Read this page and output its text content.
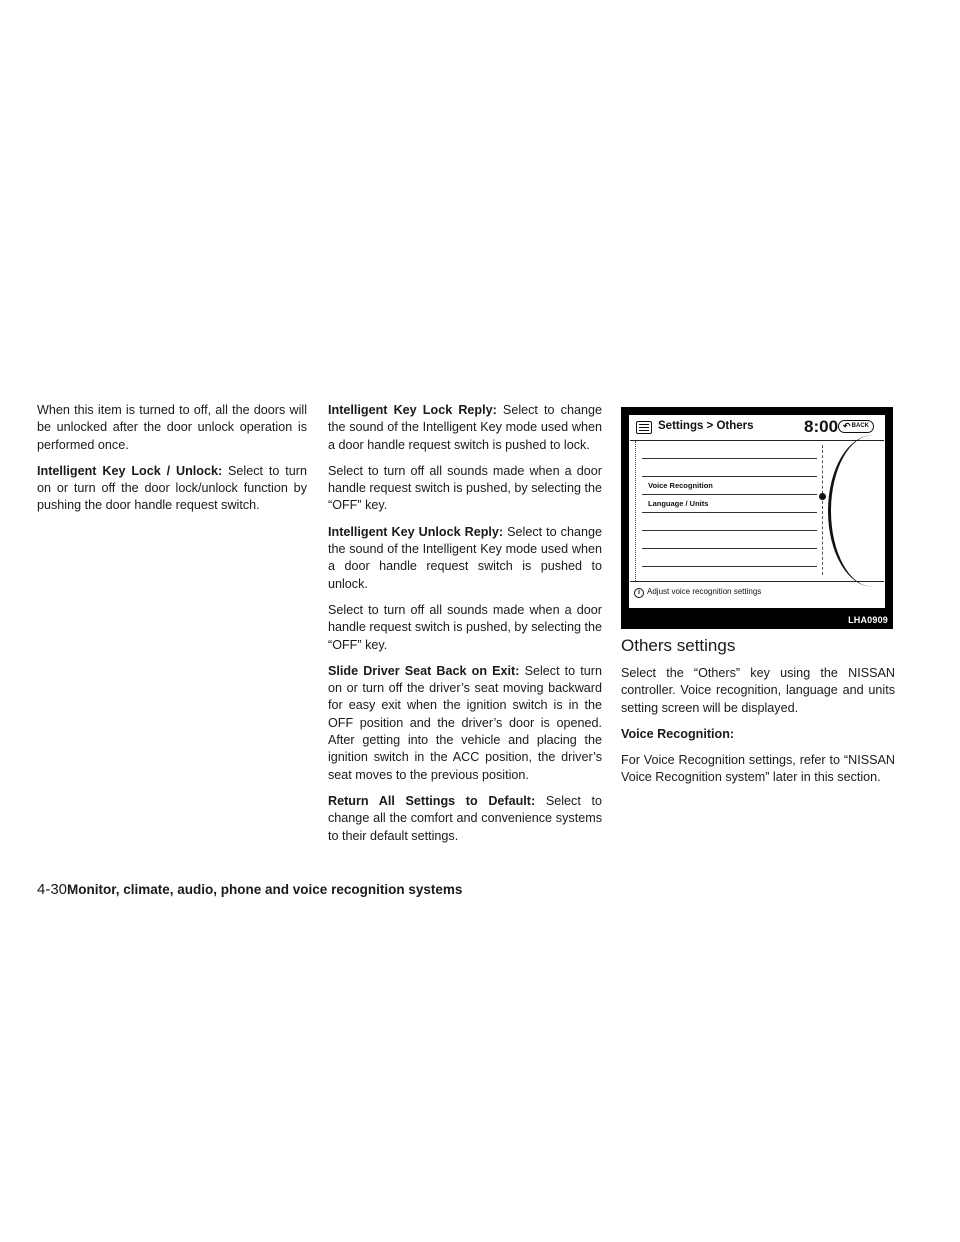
When this item is turned to off, all the doors will be unlocked after the door unlock operation is performed once.

Intelligent Key Lock / Unlock: Select to turn on or turn off the door lock/unlock function by pushing the door handle request switch.

Intelligent Key Lock Reply: Select to change the sound of the Intelligent Key mode used when a door handle request switch is pushed to lock.

Select to turn off all sounds made when a door handle request switch is pushed, by selecting the “OFF” key.

Intelligent Key Unlock Reply: Select to change the sound of the Intelligent Key mode used when a door handle request switch is pushed to unlock.

Select to turn off all sounds made when a door handle request switch is pushed, by selecting the “OFF” key.

Slide Driver Seat Back on Exit: Select to turn on or turn off the driver’s seat moving backward for easy exit when the ignition switch is in the OFF position and the driver’s door is opened. After getting into the vehicle and placing the ignition switch in the ACC position, the driver’s seat moves to the previous position.

Return All Settings to Default: Select to change all the comfort and convenience systems to their default settings.

Settings > Others	8:00 ↶ BACK
Voice Recognition
Language / Units
i Adjust voice recognition settings
LHA0909
Others settings

Select the “Others” key using the NISSAN controller. Voice recognition, language and units setting screen will be displayed.

Voice Recognition:

For Voice Recognition settings, refer to “NISSAN Voice Recognition system” later in this section.

4-30Monitor, climate, audio, phone and voice recognition systems
